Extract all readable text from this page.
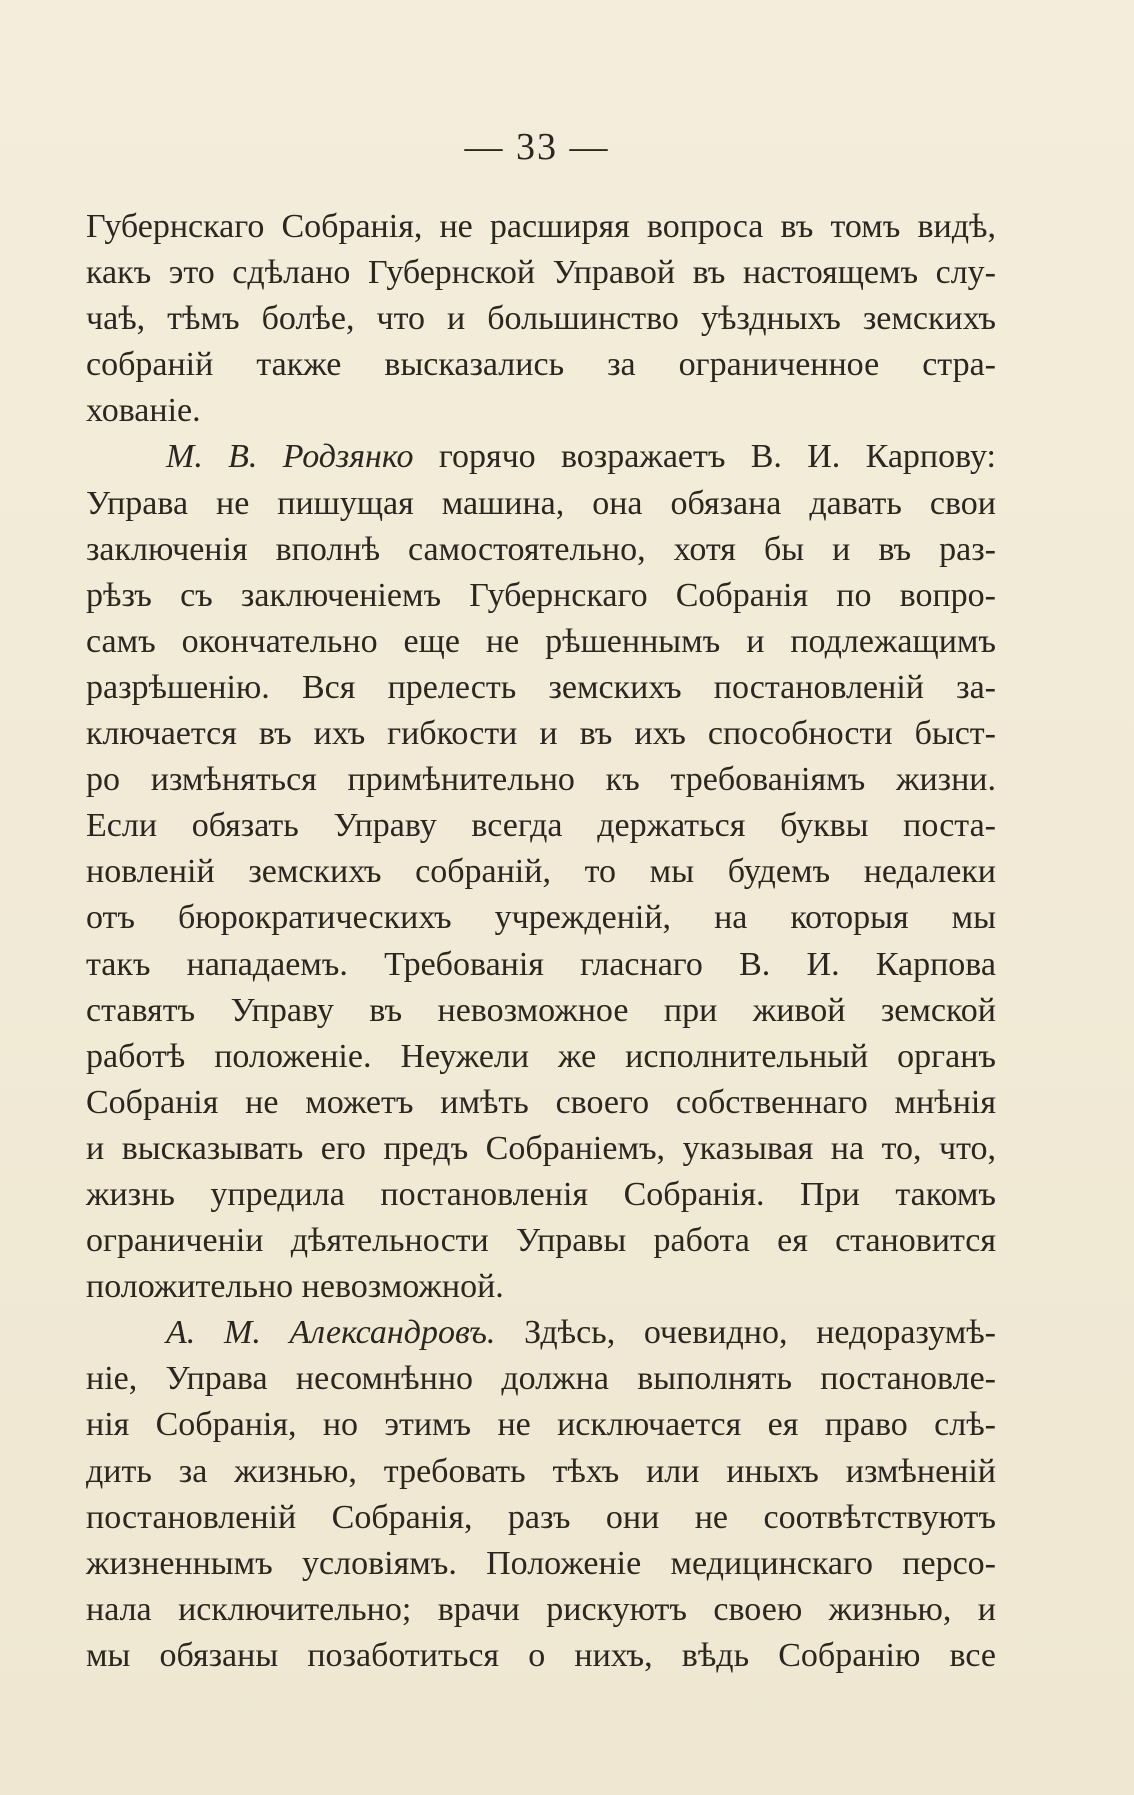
— 33 —
Губернскаго Собранія, не расширяя вопроса въ томъ видѣ,
какъ это сдѣлано Губернской Управой въ настоящемъ слу-
чаѣ, тѣмъ болѣе, что и большинство уѣздныхъ земскихъ
собраній также высказались за ограниченное стра-
хованіе.
М. В. Родзянко горячо возражаетъ В. И. Карпову:
Управа не пишущая машина, она обязана давать свои
заключенія вполнѣ самостоятельно, хотя бы и въ раз-
рѣзъ съ заключеніемъ Губернскаго Собранія по вопро-
самъ окончательно еще не рѣшеннымъ и подлежащимъ
разрѣшенію. Вся прелесть земскихъ постановленій за-
ключается въ ихъ гибкости и въ ихъ способности быст-
ро измѣняться примѣнительно къ требованіямъ жизни.
Если обязать Управу всегда держаться буквы поста-
новленій земскихъ собраній, то мы будемъ недалеки
отъ бюрократическихъ учрежденій, на которыя мы
такъ нападаемъ. Требованія гласнаго В. И. Карпова
ставятъ Управу въ невозможное при живой земской
работѣ положеніе. Неужели же исполнительный органъ
Собранія не можетъ имѣть своего собственнаго мнѣнія
и высказывать его предъ Собраніемъ, указывая на то, что,
жизнь упредила постановленія Собранія. При такомъ
ограниченіи дѣятельности Управы работа ея становится
положительно невозможной.
А. М. Александровъ. Здѣсь, очевидно, недоразумѣ-
ніе, Управа несомнѣнно должна выполнять постановле-
нія Собранія, но этимъ не исключается ея право слѣ-
дить за жизнью, требовать тѣхъ или иныхъ измѣненій
постановленій Собранія, разъ они не соотвѣтствуютъ
жизненнымъ условіямъ. Положеніе медицинскаго персо-
нала исключительно; врачи рискуютъ своею жизнью, и
мы обязаны позаботиться о нихъ, вѣдь Собранію все
